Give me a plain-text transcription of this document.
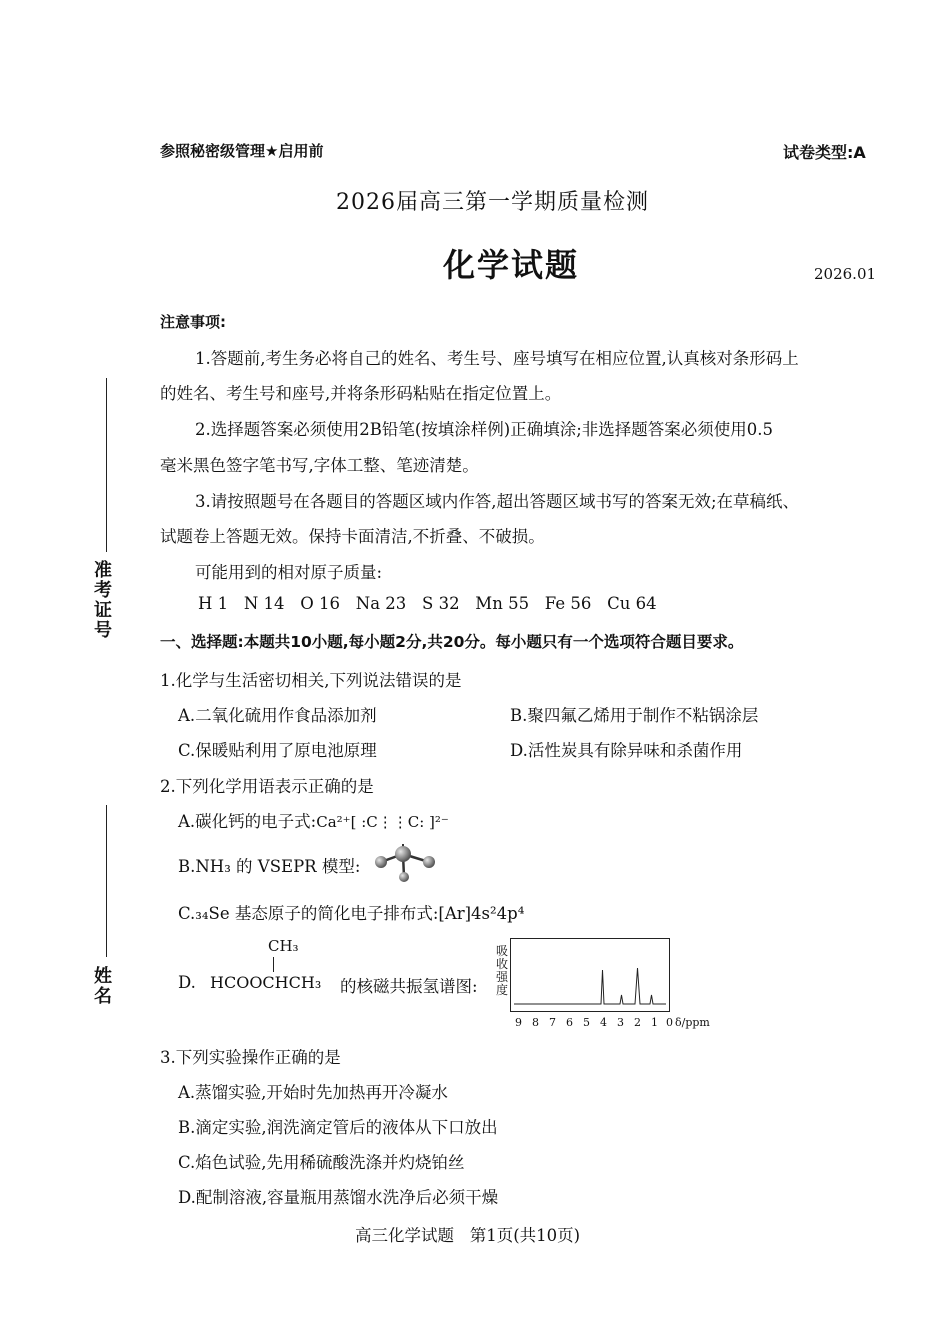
参照秘密级管理★启用前	试卷类型:A
2026届高三第一学期质量检测
化学试题	2026.01
注意事项:
1.答题前,考生务必将自己的姓名、考生号、座号填写在相应位置,认真核对条形码上
的姓名、考生号和座号,并将条形码粘贴在指定位置上。
2.选择题答案必须使用2B铅笔(按填涂样例)正确填涂;非选择题答案必须使用0.5
毫米黑色签字笔书写,字体工整、笔迹清楚。
3.请按照题号在各题目的答题区域内作答,超出答题区域书写的答案无效;在草稿纸、
试题卷上答题无效。保持卡面清洁,不折叠、不破损。
可能用到的相对原子质量:
H 1   N 14   O 16   Na 23   S 32   Mn 55   Fe 56   Cu 64
准考证号
姓名
一、选择题:本题共10小题,每小题2分,共20分。每小题只有一个选项符合题目要求。
1.化学与生活密切相关,下列说法错误的是
A.二氧化硫用作食品添加剂	B.聚四氟乙烯用于制作不粘锅涂层
C.保暖贴利用了原电池原理	D.活性炭具有除异味和杀菌作用
2.下列化学用语表示正确的是
A.碳化钙的电子式:Ca²⁺[ :C⋮⋮C: ]²⁻
B.NH₃ 的 VSEPR 模型:
C.₃₄Se 基态原子的简化电子排布式:[Ar]4s²4p⁴
D.
CH₃
HCOOCHCH₃ 的核磁共振氢谱图:
吸收强度
9 8 7 6 5 4 3 2 1 0 δ/ppm
3.下列实验操作正确的是
A.蒸馏实验,开始时先加热再开冷凝水
B.滴定实验,润洗滴定管后的液体从下口放出
C.焰色试验,先用稀硫酸洗涤并灼烧铂丝
D.配制溶液,容量瓶用蒸馏水洗净后必须干燥
高三化学试题   第1页(共10页)
